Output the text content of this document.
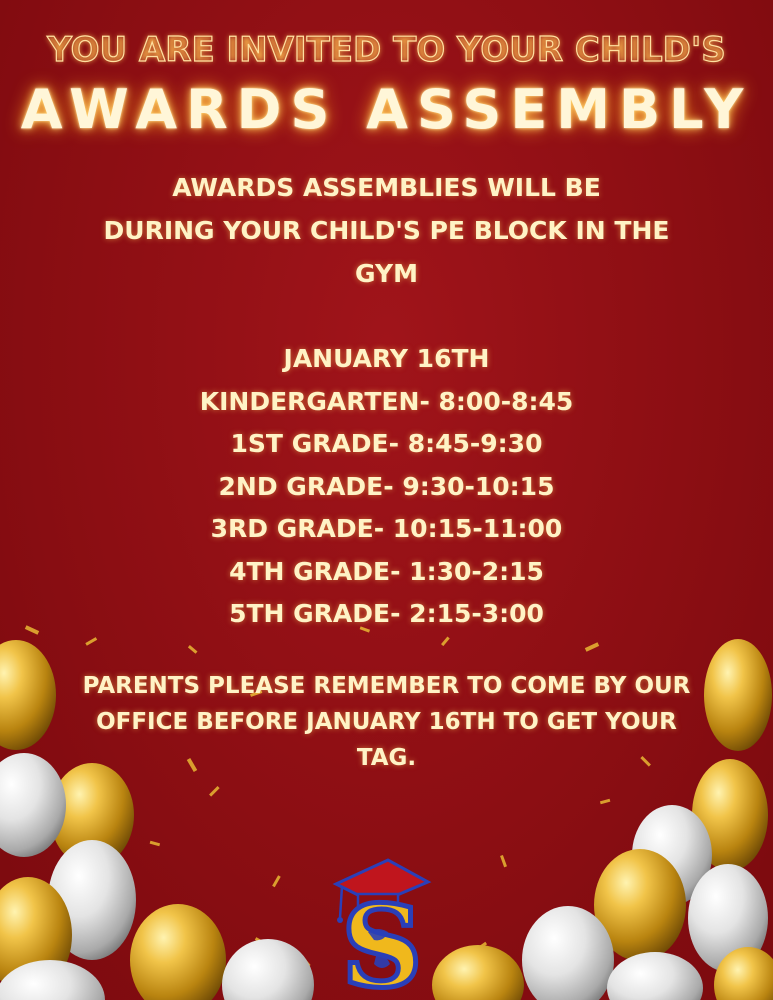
YOU ARE INVITED TO YOUR CHILD'S
AWARDS ASSEMBLY
AWARDS ASSEMBLIES WILL BE
DURING YOUR CHILD'S PE BLOCK IN THE
GYM
JANUARY 16TH
KINDERGARTEN- 8:00-8:45
1ST GRADE- 8:45-9:30
2ND GRADE- 9:30-10:15
3RD GRADE- 10:15-11:00
4TH GRADE- 1:30-2:15
5TH GRADE- 2:15-3:00
PARENTS PLEASE REMEMBER TO COME BY OUR
OFFICE BEFORE JANUARY 16TH TO GET YOUR
TAG.
S
